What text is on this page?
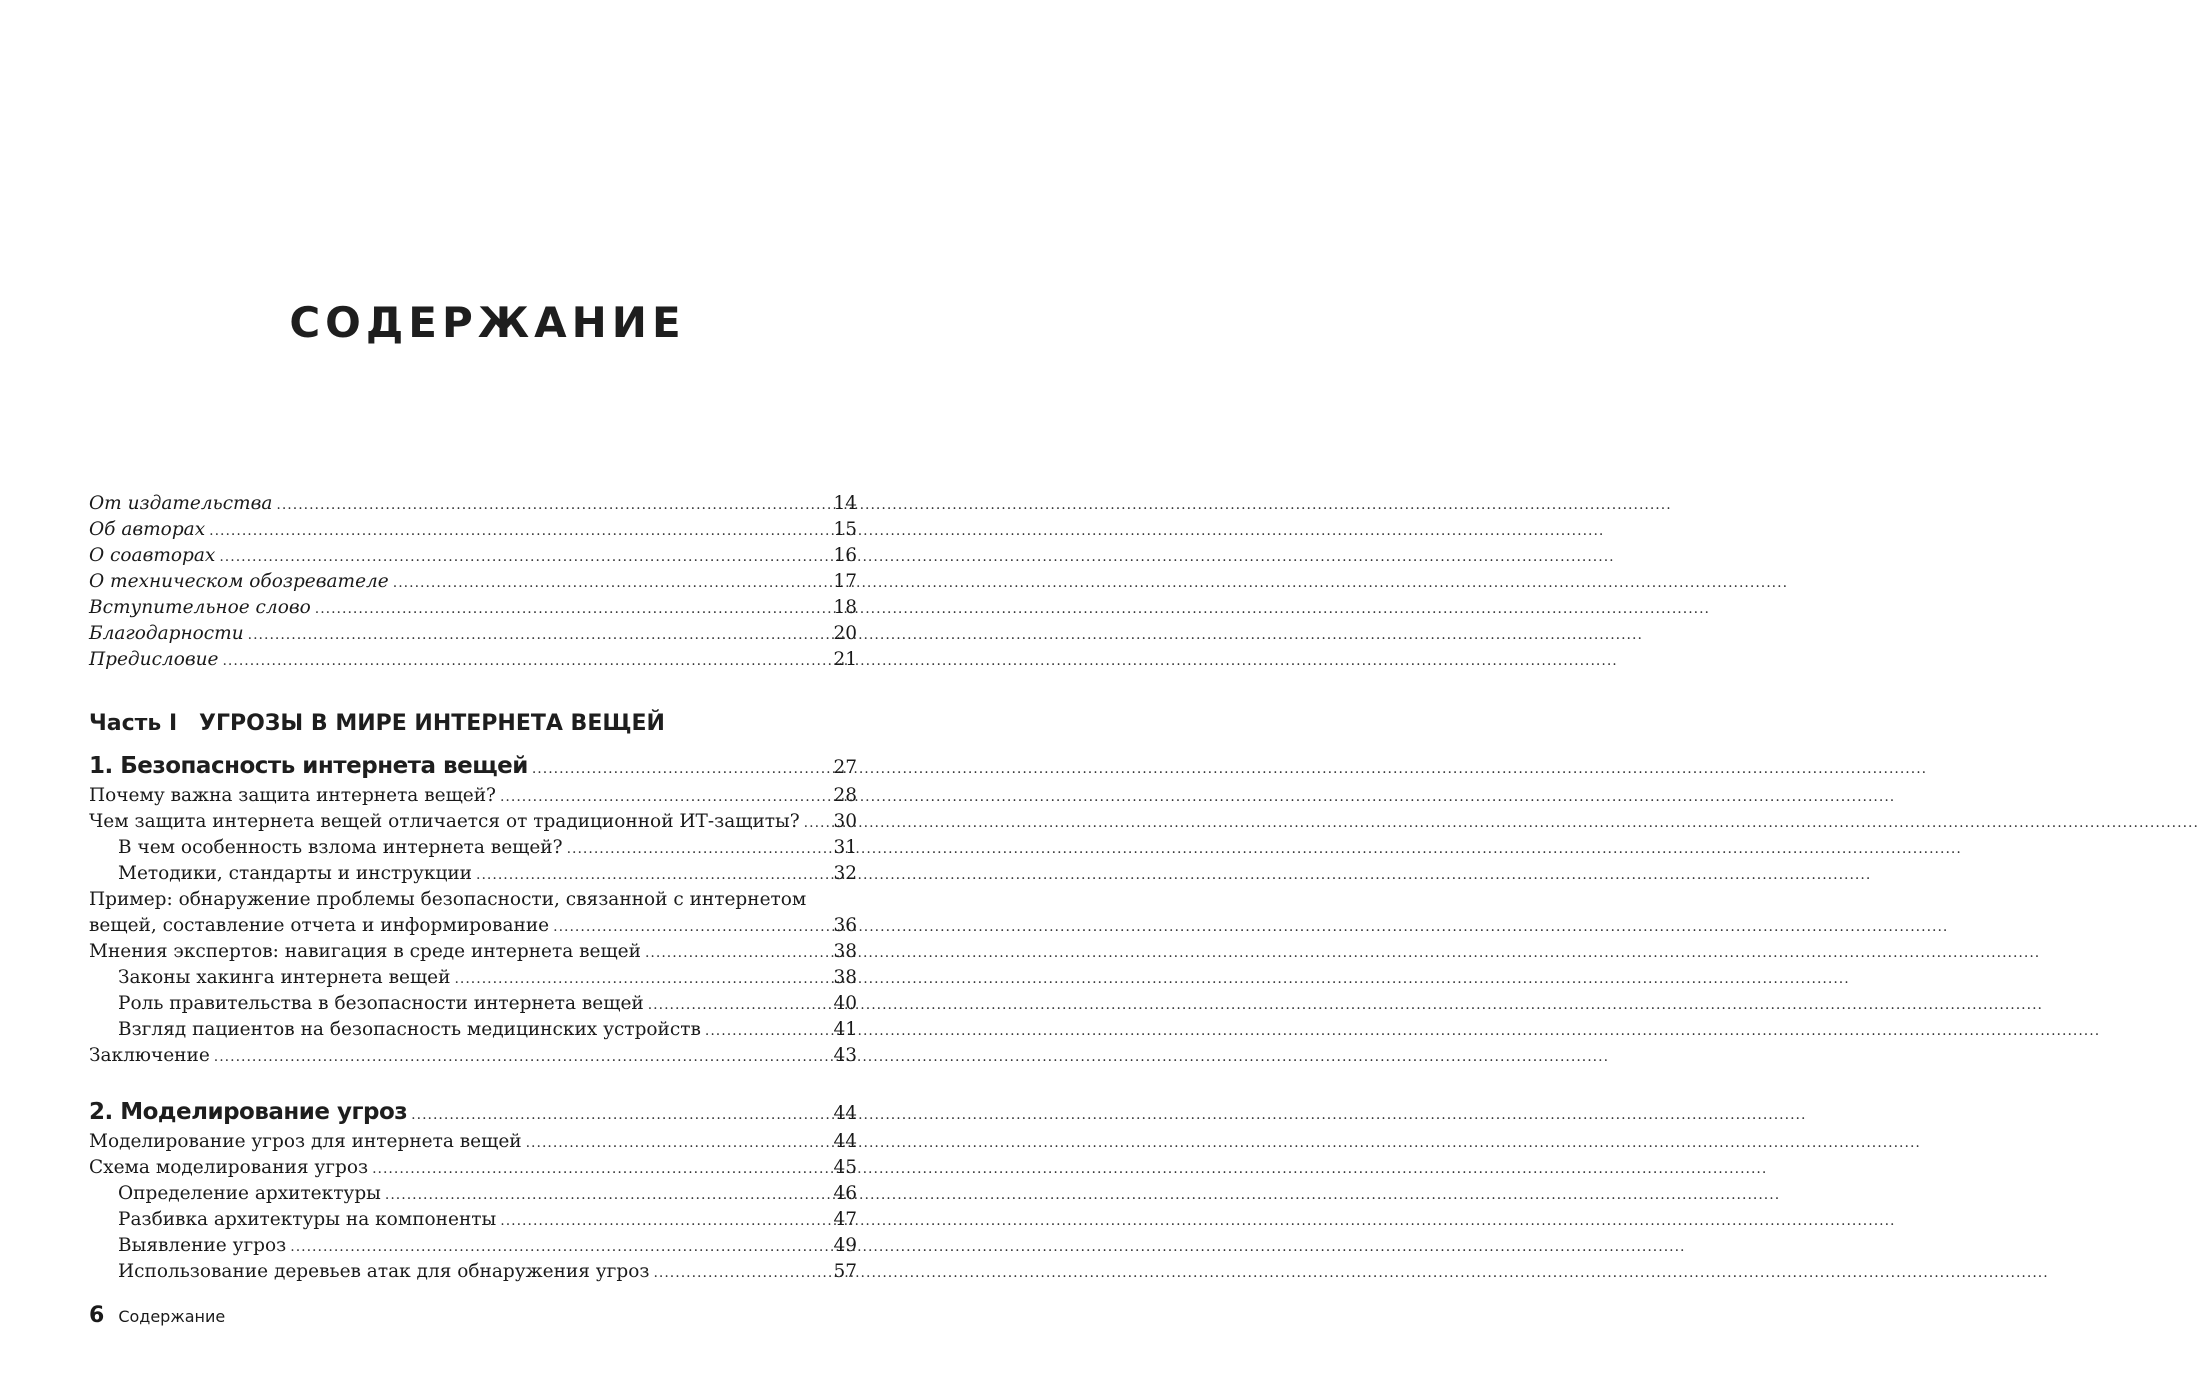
СОДЕРЖАНИЕ
От издательства .....	14
Об авторах .....	15
О соавторах .....	16
О техническом обозревателе .....	17
Вступительное слово .....	18
Благодарности .....	20
Предисловие .....	21
Часть I УГРОЗЫ В МИРЕ ИНТЕРНЕТА ВЕЩЕЙ
1. Безопасность интернета вещей .....	27
Почему важна защита интернета вещей? .....	28
Чем защита интернета вещей отличается от традиционной ИТ-защиты? ..... 30
В чем особенность взлома интернета вещей? .....	31
Методики, стандарты и инструкции .....	32
Пример: обнаружение проблемы безопасности, связанной с интернетом
вещей, составление отчета и информирование .....	36
Мнения экспертов: навигация в среде интернета вещей .....	38
Законы хакинга интернета вещей .....	38
Роль правительства в безопасности интернета вещей .....	40
Взгляд пациентов на безопасность медицинских устройств .....	41
Заключение .....	43
2. Моделирование угроз .....	44
Моделирование угроз для интернета вещей .....	44
Схема моделирования угроз .....	45
Определение архитектуры .....	46
Разбивка архитектуры на компоненты .....	47
Выявление угроз .....	49
Использование деревьев атак для обнаружения угроз .....	57
6 Содержание
